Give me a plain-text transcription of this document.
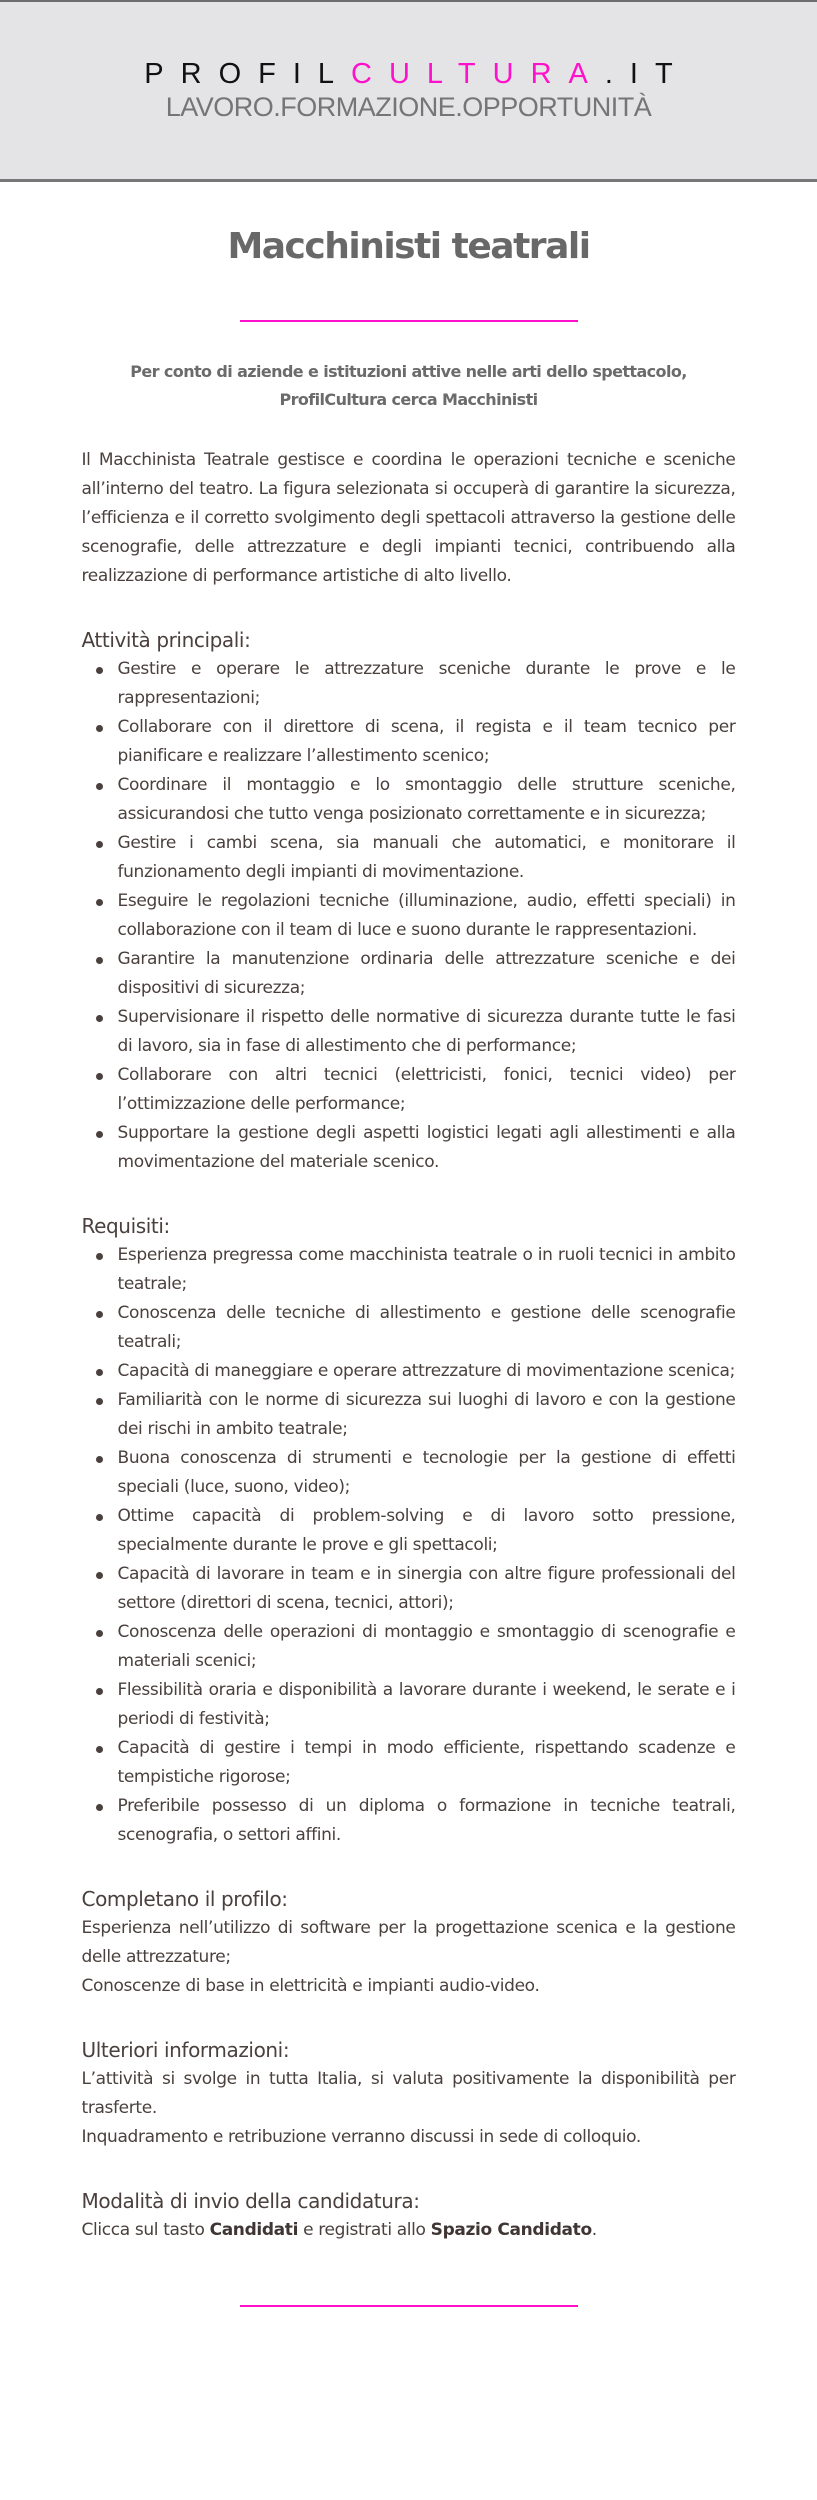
PROFILCULTURA.IT
LAVORO.FORMAZIONE.OPPORTUNITÀ
Macchinisti teatrali
Per conto di aziende e istituzioni attive nelle arti dello spettacolo,
ProfilCultura cerca Macchinisti

Il Macchinista Teatrale gestisce e coordina le operazioni tecniche e sceniche all’interno del teatro. La figura selezionata si occuperà di garantire la sicurezza, l’efficienza e il corretto svolgimento degli spettacoli attraverso la gestione delle scenografie, delle attrezzature e degli impianti tecnici, contribuendo alla realizzazione di performance artistiche di alto livello.

Attività principali:
Gestire e operare le attrezzature sceniche durante le prove e le rappresentazioni;
Collaborare con il direttore di scena, il regista e il team tecnico per pianificare e realizzare l’allestimento scenico;
Coordinare il montaggio e lo smontaggio delle strutture sceniche, assicurandosi che tutto venga posizionato correttamente e in sicurezza;
Gestire i cambi scena, sia manuali che automatici, e monitorare il funzionamento degli impianti di movimentazione.
Eseguire le regolazioni tecniche (illuminazione, audio, effetti speciali) in collaborazione con il team di luce e suono durante le rappresentazioni.
Garantire la manutenzione ordinaria delle attrezzature sceniche e dei dispositivi di sicurezza;
Supervisionare il rispetto delle normative di sicurezza durante tutte le fasi di lavoro, sia in fase di allestimento che di performance;
Collaborare con altri tecnici (elettricisti, fonici, tecnici video) per l’ottimizzazione delle performance;
Supportare la gestione degli aspetti logistici legati agli allestimenti e alla movimentazione del materiale scenico.
Requisiti:
Esperienza pregressa come macchinista teatrale o in ruoli tecnici in ambito teatrale;
Conoscenza delle tecniche di allestimento e gestione delle scenografie teatrali;
Capacità di maneggiare e operare attrezzature di movimentazione scenica;
Familiarità con le norme di sicurezza sui luoghi di lavoro e con la gestione dei rischi in ambito teatrale;
Buona conoscenza di strumenti e tecnologie per la gestione di effetti speciali (luce, suono, video);
Ottime capacità di problem-solving e di lavoro sotto pressione, specialmente durante le prove e gli spettacoli;
Capacità di lavorare in team e in sinergia con altre figure professionali del settore (direttori di scena, tecnici, attori);
Conoscenza delle operazioni di montaggio e smontaggio di scenografie e materiali scenici;
Flessibilità oraria e disponibilità a lavorare durante i weekend, le serate e i periodi di festività;
Capacità di gestire i tempi in modo efficiente, rispettando scadenze e tempistiche rigorose;
Preferibile possesso di un diploma o formazione in tecniche teatrali, scenografia, o settori affini.
Completano il profilo:

Esperienza nell’utilizzo di software per la progettazione scenica e la gestione delle attrezzature;

Conoscenze di base in elettricità e impianti audio-video.

Ulteriori informazioni:

L’attività si svolge in tutta Italia, si valuta positivamente la disponibilità per trasferte.

Inquadramento e retribuzione verranno discussi in sede di colloquio.

Modalità di invio della candidatura:

Clicca sul tasto Candidati e registrati allo Spazio Candidato.
